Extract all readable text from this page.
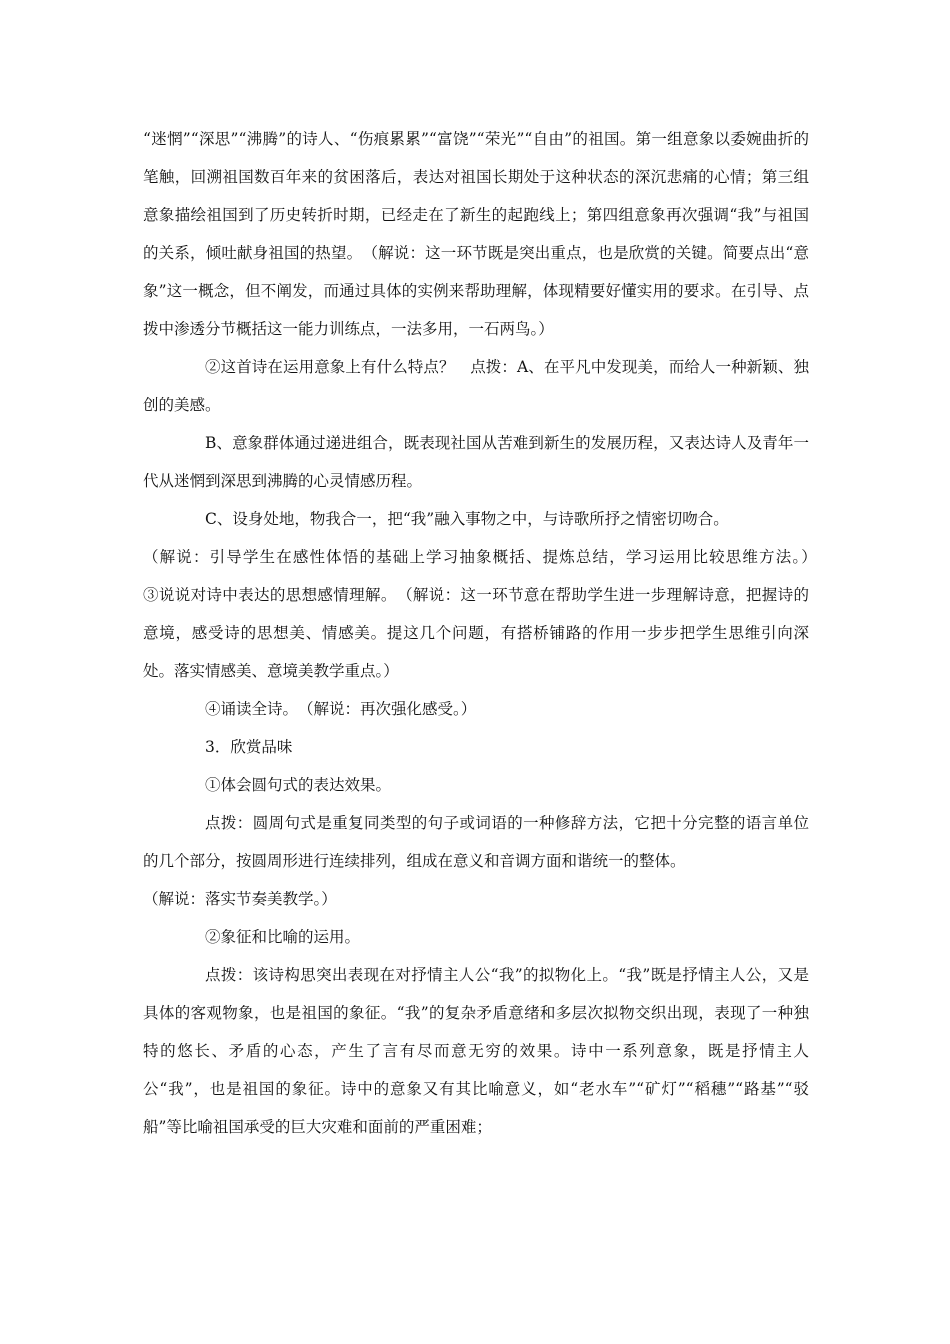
“迷惘”“深思”“沸腾”的诗人、“伤痕累累”“富饶”“荣光”“自由”的祖国。第一组意象以委婉曲折的笔触，回溯祖国数百年来的贫困落后，表达对祖国长期处于这种状态的深沉悲痛的心情；第三组意象描绘祖国到了历史转折时期，已经走在了新生的起跑线上；第四组意象再次强调“我”与祖国的关系，倾吐献身祖国的热望。　（解说：这一环节既是突出重点，也是欣赏的关键。简要点出“意象”这一概念，但不阐发，而通过具体的实例来帮助理解，体现精要好懂实用的要求。在引导、点拨中渗透分节概括这一能力训练点，一法多用，一石两鸟。）

②这首诗在运用意象上有什么特点？　点拨：A、在平凡中发现美，而给人一种新颖、独创的美感。

B、意象群体通过递进组合，既表现社国从苦难到新生的发展历程，又表达诗人及青年一代从迷惘到深思到沸腾的心灵情感历程。

C、设身处地，物我合一，把“我”融入事物之中，与诗歌所抒之情密切吻合。

（解说：引导学生在感性体悟的基础上学习抽象概括、提炼总结，学习运用比较思维方法。）　　③说说对诗中表达的思想感情理解。　（解说：这一环节意在帮助学生进一步理解诗意，把握诗的意境，感受诗的思想美、情感美。提这几个问题，有搭桥铺路的作用一步步把学生思维引向深处。落实情感美、意境美教学重点。）

④诵读全诗。　（解说：再次强化感受。）

3．欣赏品味

①体会圆句式的表达效果。

点拨：圆周句式是重复同类型的句子或词语的一种修辞方法，它把十分完整的语言单位的几个部分，按圆周形进行连续排列，组成在意义和音调方面和谐统一的整体。

（解说：落实节奏美教学。）

②象征和比喻的运用。

点拨：该诗构思突出表现在对抒情主人公“我”的拟物化上。“我”既是抒情主人公，又是具体的客观物象，也是祖国的象征。“我”的复杂矛盾意绪和多层次拟物交织出现，表现了一种独特的悠长、矛盾的心态，产生了言有尽而意无穷的效果。诗中一系列意象，既是抒情主人公“我”，也是祖国的象征。诗中的意象又有其比喻意义，如“老水车”“矿灯”“稻穗”“路基”“驳船”等比喻祖国承受的巨大灾难和面前的严重困难；
